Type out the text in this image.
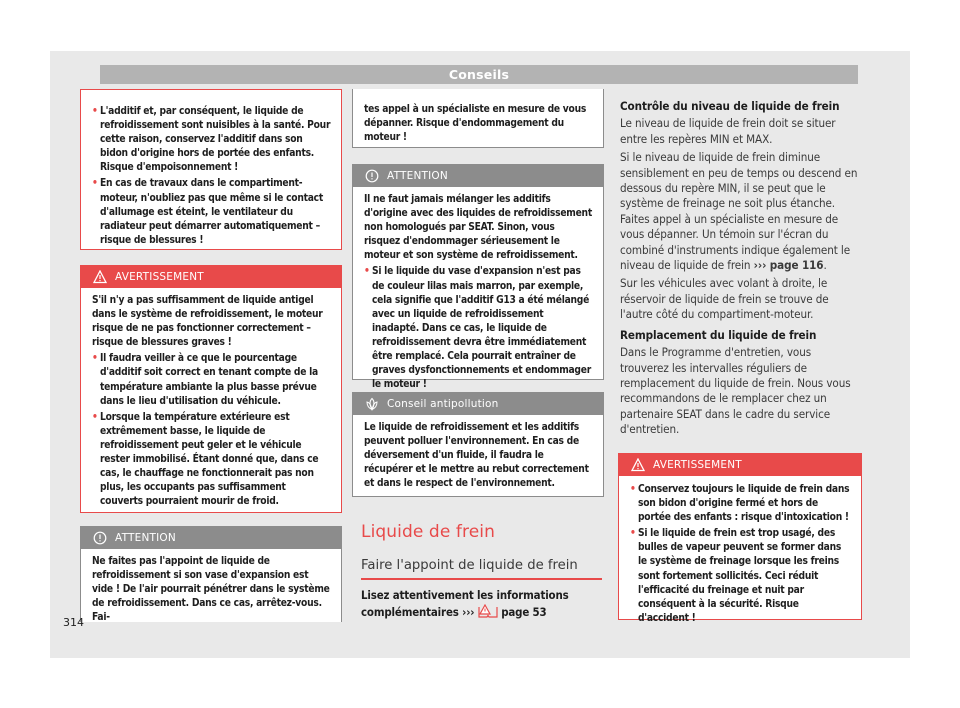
Conseils
• L'additif et, par conséquent, le liquide de refroidissement sont nuisibles à la santé. Pour cette raison, conservez l'additif dans son bidon d'origine hors de portée des enfants. Risque d'empoisonnement !
• En cas de travaux dans le compartiment-moteur, n'oubliez pas que même si le contact d'allumage est éteint, le ventilateur du radiateur peut démarrer automatiquement – risque de blessures !
AVERTISSEMENT

S'il n'y a pas suffisamment de liquide antigel dans le système de refroidissement, le moteur risque de ne pas fonctionner correctement – risque de blessures graves !

• Il faudra veiller à ce que le pourcentage d'additif soit correct en tenant compte de la température ambiante la plus basse prévue dans le lieu d'utilisation du véhicule.
• Lorsque la température extérieure est extrêmement basse, le liquide de refroidissement peut geler et le véhicule rester immobilisé. Étant donné que, dans ce cas, le chauffage ne fonctionnerait pas non plus, les occupants pas suffisamment couverts pourraient mourir de froid.
ATTENTION

Ne faites pas l'appoint de liquide de refroidissement si son vase d'expansion est vide ! De l'air pourrait pénétrer dans le système de refroidissement. Dans ce cas, arrêtez-vous. Fai-

tes appel à un spécialiste en mesure de vous dépanner. Risque d'endommagement du moteur !

ATTENTION

Il ne faut jamais mélanger les additifs d'origine avec des liquides de refroidissement non homologués par SEAT. Sinon, vous risquez d'endommager sérieusement le moteur et son système de refroidissement.

• Si le liquide du vase d'expansion n'est pas de couleur lilas mais marron, par exemple, cela signifie que l'additif G13 a été mélangé avec un liquide de refroidissement inadapté. Dans ce cas, le liquide de refroidissement devra être immédiatement être remplacé. Cela pourrait entraîner de graves dysfonctionnements et endommager le moteur !
Conseil antipollution

Le liquide de refroidissement et les additifs peuvent polluer l'environnement. En cas de déversement d'un fluide, il faudra le récupérer et le mettre au rebut correctement et dans le respect de l'environnement.

Liquide de frein
Faire l'appoint de liquide de frein
Lisez attentivement les informations complémentaires ››› page 53

Contrôle du niveau de liquide de frein

Le niveau de liquide de frein doit se situer entre les repères MIN et MAX.

Si le niveau de liquide de frein diminue sensiblement en peu de temps ou descend en dessous du repère MIN, il se peut que le système de freinage ne soit plus étanche. Faites appel à un spécialiste en mesure de vous dépanner. Un témoin sur l'écran du combiné d'instruments indique également le niveau de liquide de frein ››› page 116.

Sur les véhicules avec volant à droite, le réservoir de liquide de frein se trouve de l'autre côté du compartiment-moteur.

Remplacement du liquide de frein

Dans le Programme d'entretien, vous trouverez les intervalles réguliers de remplacement du liquide de frein. Nous vous recommandons de le remplacer chez un partenaire SEAT dans le cadre du service d'entretien.

AVERTISSEMENT
• Conservez toujours le liquide de frein dans son bidon d'origine fermé et hors de portée des enfants : risque d'intoxication !
• Si le liquide de frein est trop usagé, des bulles de vapeur peuvent se former dans le système de freinage lorsque les freins sont fortement sollicités. Ceci réduit l'efficacité du freinage et nuit par conséquent à la sécurité. Risque d'accident !
314
